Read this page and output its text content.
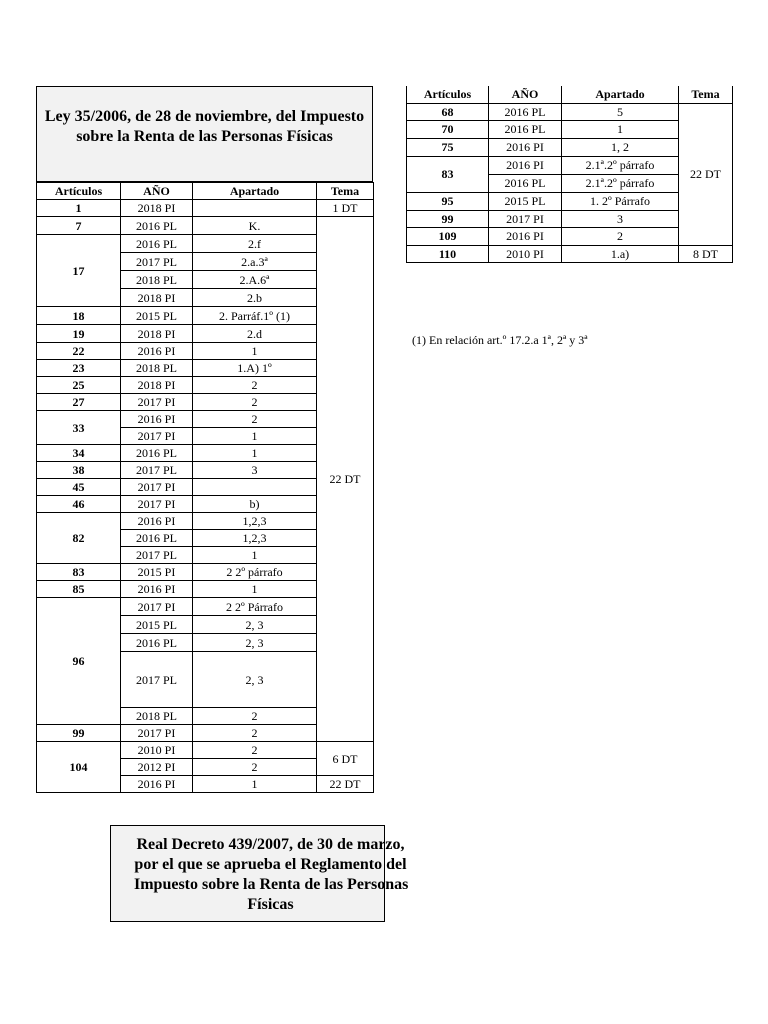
Ley 35/2006, de 28 de noviembre, del Impuesto sobre la Renta de las Personas Físicas
Artículos	AÑO	Apartado	Tema
1	2018 PI		1 DT
7	2016 PL	K.	22 DT
17	2016 PL	2.f	
	2017 PL	2.a.3ª	
	2018 PL	2.A.6ª	
	2018 PI	2.b	
18	2015 PL	2. Parráf.1º (1)	
19	2018 PI	2.d	
22	2016 PI	1	
23	2018 PL	1.A) 1º	
25	2018 PI	2	
27	2017 PI	2	
33	2016 PI	2	
	2017 PI	1	
34	2016 PL	1	
38	2017 PL	3	
45	2017 PI		
46	2017 PI	b)	
82	2016 PI	1,2,3	
	2016 PL	1,2,3	
	2017 PL	1	
83	2015 PI	2 2º párrafo	
85	2016 PI	1	
96	2017 PI	2 2º Párrafo	
	2015 PL	2, 3	
	2016 PL	2, 3	
	2017 PL	2, 3	
	2018 PL	2	
99	2017 PI	2	
104	2010 PI	2	6 DT
	2012 PI	2	
	2016 PI	1	22 DT
Artículos	AÑO	Apartado	Tema
68	2016 PL	5	22 DT
70	2016 PL	1	
75	2016 PI	1, 2	
83	2016 PI	2.1ª.2º párrafo	
	2016 PL	2.1ª.2º párrafo	
95	2015 PL	1. 2º Párrafo	
99	2017 PI	3	
109	2016 PI	2	
110	2010 PI	1.a)	8 DT
(1) En relación art.º 17.2.a 1ª, 2ª y 3ª
Real Decreto 439/2007, de 30 de marzo,
por el que se aprueba el Reglamento del
Impuesto sobre la Renta de las Personas
Físicas
